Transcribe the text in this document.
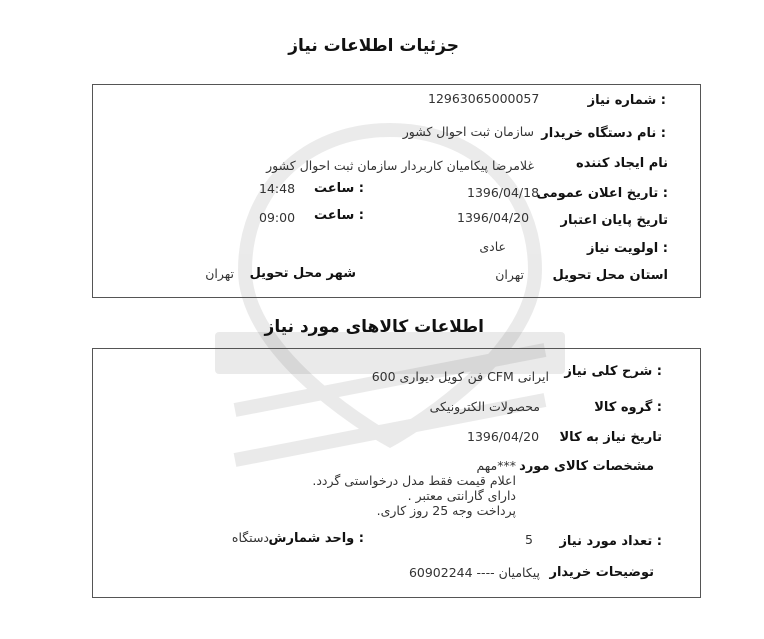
جزئیات اطلاعات نیاز
شماره نیاز :
12963065000057
نام دستگاه خریدار :
سازمان ثبت احوال کشور
نام ایجاد کننده
غلامرضا پیکامیان کاربردار سازمان ثبت احوال کشور
تاریخ اعلان عمومی :
1396/04/18
ساعت :
14:48
تاریخ پایان اعتبار
1396/04/20
ساعت :
09:00
اولویت نیاز :
عادی
استان محل تحویل
تهران
شهر محل تحویل
تهران
اطلاعات کالاهای مورد نیاز
شرح کلی نیاز :
فن کویل دیواری 600 CFM ایرانی
گروه کالا :
محصولات الکترونیکی
تاریخ نیاز به کالا
1396/04/20
مشخصات کالای مورد
***مهم
اعلام قیمت فقط مدل درخواستی گردد.
دارای گارانتی معتبر .
پرداخت وجه 25 روز کاری.
تعداد مورد نیاز :
5
واحد شمارش :
دستگاه
توضیحات خریدار
پیکامیان ---- 60902244
